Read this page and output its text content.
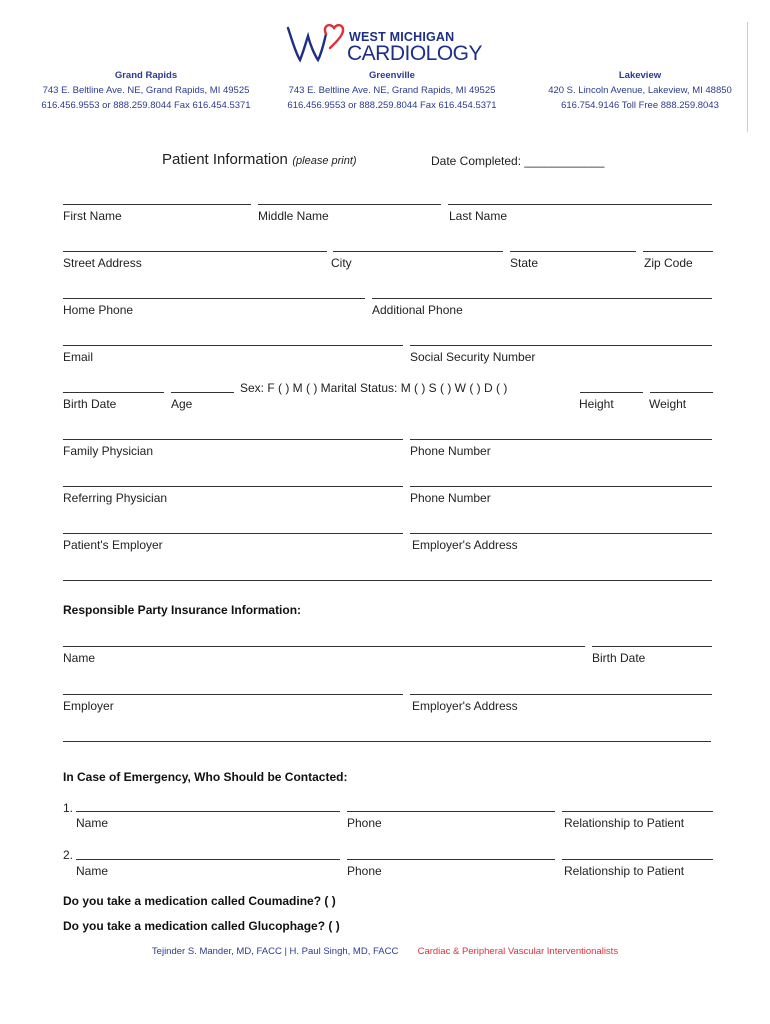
WEST MICHIGAN
CARDIOLOGY
Grand Rapids
743 E. Beltline Ave. NE, Grand Rapids, MI 49525
616.456.9553 or 888.259.8044 Fax 616.454.5371
Greenville
743 E. Beltline Ave. NE, Grand Rapids, MI 49525
616.456.9553 or 888.259.8044 Fax 616.454.5371
Lakeview
420 S. Lincoln Avenue, Lakeview, MI 48850
616.754.9146 Toll Free 888.259.8043
Patient Information (please print)	Date Completed: ____________
First Name	Middle Name	Last Name
Street Address	City	State	Zip Code
Home Phone	Additional Phone
Email	Social Security Number
Sex: F ( ) M ( ) Marital Status: M ( ) S ( ) W ( ) D ( )
Birth Date	Age	Height	Weight
Family Physician	Phone Number
Referring Physician	Phone Number
Patient's Employer	Employer's Address
Responsible Party Insurance Information:
Name	Birth Date
Employer	Employer's Address
In Case of Emergency, Who Should be Contacted:
1.
Name	Phone	Relationship to Patient
2.
Name	Phone	Relationship to Patient
Do you take a medication called Coumadine? ( )
Do you take a medication called Glucophage? ( )
Tejinder S. Mander, MD, FACC | H. Paul Singh, MD, FACC Cardiac & Peripheral Vascular Interventionalists
